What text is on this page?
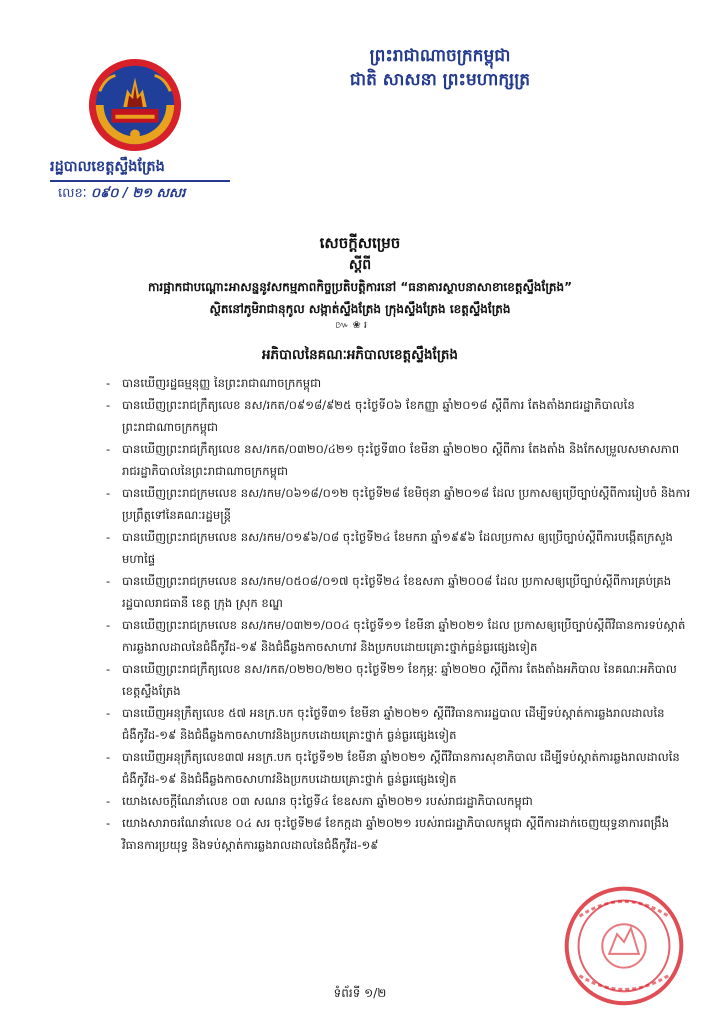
ព្រះរាជាណាចក្រកម្ពុជា
ជាតិ សាសនា ព្រះមហាក្សត្រ
រដ្ឋបាលខេត្តស្ទឹងត្រែង
លេខៈ ០៩០ / ២១ សសរ
សេចក្តីសម្រេច
ស្តីពី
ការផ្អាកជាបណ្តោះអាសន្ននូវសកម្មភាពកិច្ចប្រតិបត្តិការនៅ “ធនាគារស្ថាបនាសាខាខេត្តស្ទឹងត្រែង”
ស្ថិតនៅភូមិរាជានុកូល សង្កាត់ស្ទឹងត្រែង ក្រុងស្ទឹងត្រែង ខេត្តស្ទឹងត្រែង
៚ ❀ ៛
អភិបាលនៃគណៈអភិបាលខេត្តស្ទឹងត្រែង
- បានឃើញរដ្ឋធម្មនុញ្ញ នៃព្រះរាជាណាចក្រកម្ពុជា
- បានឃើញព្រះរាជក្រឹត្យលេខ នស/រកត/០៩១៨/៩២៥ ចុះថ្ងៃទី០៦ ខែកញ្ញា ឆ្នាំ២០១៨ ស្តីពីការ តែងតាំងរាជរដ្ឋាភិបាលនៃព្រះរាជាណាចក្រកម្ពុជា
- បានឃើញព្រះរាជក្រឹត្យលេខ នស/រកត/០៣២០/៤២១ ចុះថ្ងៃទី៣០ ខែមីនា ឆ្នាំ២០២០ ស្តីពីការ តែងតាំង និងកែសម្រួលសមាសភាពរាជរដ្ឋាភិបាលនៃព្រះរាជាណាចក្រកម្ពុជា
- បានឃើញព្រះរាជក្រមលេខ នស/រកម/០៦១៨/០១២ ចុះថ្ងៃទី២៨ ខែមិថុនា ឆ្នាំ២០១៨ ដែល ប្រកាសឲ្យប្រើច្បាប់ស្តីពីការរៀបចំ និងការប្រព្រឹត្តទៅនៃគណៈរដ្ឋមន្ត្រី
- បានឃើញព្រះរាជក្រមលេខ នស/រកម/០១៩៦/០៨ ចុះថ្ងៃទី២៤ ខែមករា ឆ្នាំ១៩៩៦ ដែលប្រកាស ឲ្យប្រើច្បាប់ស្តីពីការបង្កើតក្រសួងមហាផ្ទៃ
- បានឃើញព្រះរាជក្រមលេខ នស/រកម/០៥០៨/០១៧ ចុះថ្ងៃទី២៤ ខែឧសភា ឆ្នាំ២០០៨ ដែល ប្រកាសឲ្យប្រើច្បាប់ស្តីពីការគ្រប់គ្រងរដ្ឋបាលរាជធានី ខេត្ត ក្រុង ស្រុក ខណ្ឌ
- បានឃើញព្រះរាជក្រមលេខ នស/រកម/០៣២១/០០៤ ចុះថ្ងៃទី១១ ខែមីនា ឆ្នាំ២០២១ ដែល ប្រកាសឲ្យប្រើច្បាប់ស្តីពីវិធានការទប់ស្កាត់ការឆ្លងរាលដាលនៃជំងឺកូវីដ-១៩ និងជំងឺឆ្លងកាចសាហាវ និងប្រកបដោយគ្រោះថ្នាក់ធ្ងន់ធ្ងរផ្សេងទៀត
- បានឃើញព្រះរាជក្រឹត្យលេខ នស/រកត/០២២០/២២០ ចុះថ្ងៃទី២១ ខែកុម្ភៈ ឆ្នាំ២០២០ ស្តីពីការ តែងតាំងអភិបាល នៃគណៈអភិបាលខេត្តស្ទឹងត្រែង
- បានឃើញអនុក្រឹត្យលេខ ៥៧ អនក្រ.បក ចុះថ្ងៃទី៣១ ខែមីនា ឆ្នាំ២០២១ ស្តីពីវិធានការរដ្ឋបាល ដើម្បីទប់ស្កាត់ការឆ្លងរាលដាលនៃជំងឺកូវីដ-១៩ និងជំងឺឆ្លងកាចសាហាវនិងប្រកបដោយគ្រោះថ្នាក់ ធ្ងន់ធ្ងរផ្សេងទៀត
- បានឃើញអនុក្រឹត្យលេខ៣៧ អនក្រ.បក ចុះថ្ងៃទី១២ ខែមីនា ឆ្នាំ២០២១ ស្តីពីវិធានការសុខាភិបាល ដើម្បីទប់ស្កាត់ការឆ្លងរាលដាលនៃជំងឺកូវីដ-១៩ និងជំងឺឆ្លងកាចសាហាវនិងប្រកបដោយគ្រោះថ្នាក់ ធ្ងន់ធ្ងរផ្សេងទៀត
- យោងសេចក្តីណែនាំលេខ ០៣ សណន ចុះថ្ងៃទី៤ ខែឧសភា ឆ្នាំ២០២១ របស់រាជរដ្ឋាភិបាលកម្ពុជា
- យោងសារាចរណែនាំលេខ ០៤ សរ ចុះថ្ងៃទី២៨ ខែកក្កដា ឆ្នាំ២០២១ របស់រាជរដ្ឋាភិបាលកម្ពុជា ស្តីពីការដាក់ចេញយុទ្ធនាការពង្រឹងវិធានការប្រយុទ្ធ និងទប់ស្កាត់ការឆ្លងរាលដាលនៃជំងឺកូវីដ-១៩
ទំព័រទី ១/២
